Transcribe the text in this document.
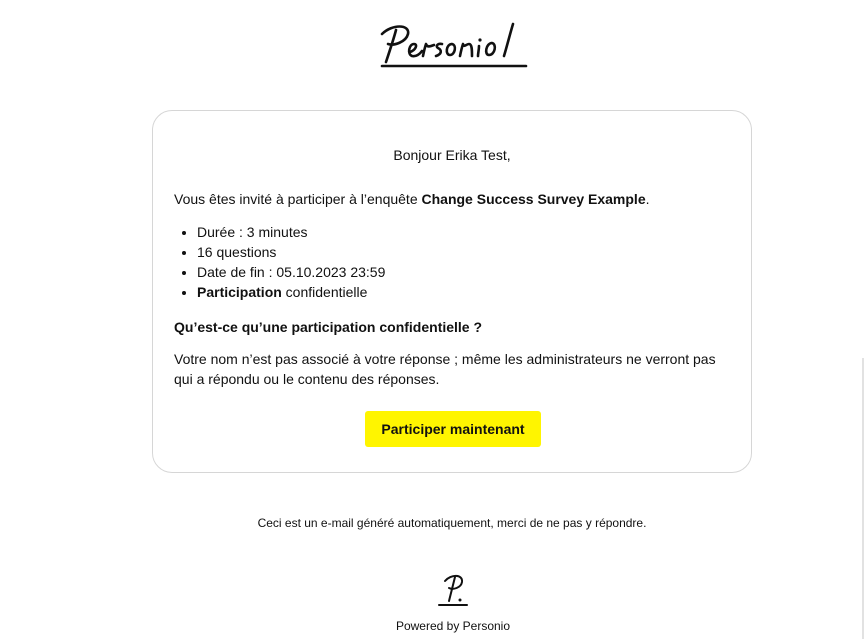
Bonjour Erika Test,
Vous êtes invité à participer à l’enquête Change Success Survey Example.
• Durée : 3 minutes
• 16 questions
• Date de fin : 05.10.2023 23:59
• Participation confidentielle
Qu’est-ce qu’une participation confidentielle ?
Votre nom n’est pas associé à votre réponse ; même les administrateurs ne verront pas qui a répondu ou le contenu des réponses.
Participer maintenant
Ceci est un e-mail généré automatiquement, merci de ne pas y répondre.
Powered by Personio
